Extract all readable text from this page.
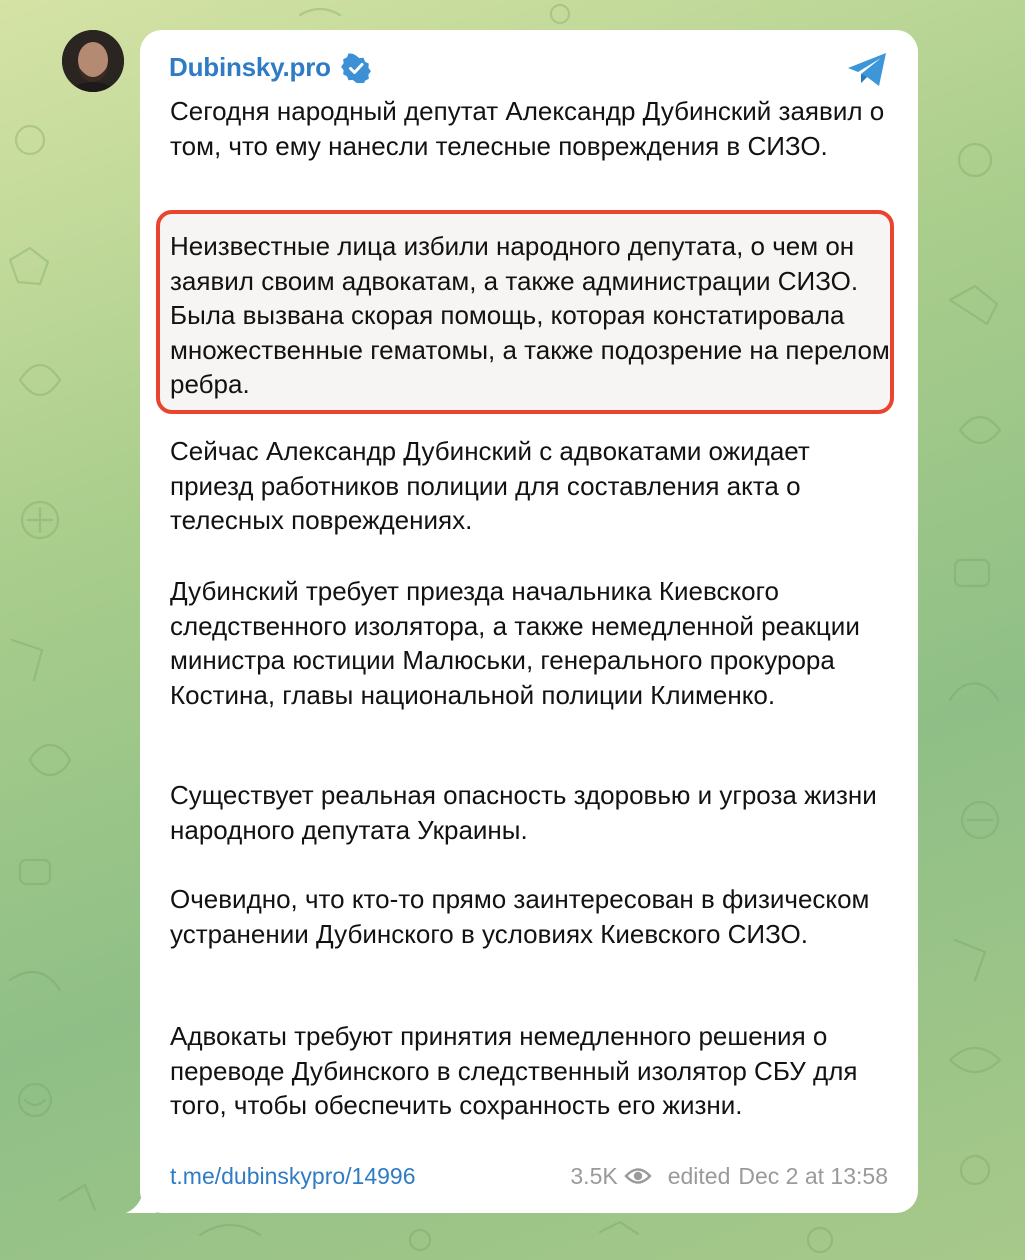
Dubinsky.pro
Сегодня народный депутат Александр Дубинский заявил о том, что ему нанесли телесные повреждения в СИЗО.
Неизвестные лица избили народного депутата, о чем он заявил своим адвокатам, а также администрации СИЗО. Была вызвана скорая помощь, которая констатировала множественные гематомы, а также подозрение на перелом ребра.
Сейчас Александр Дубинский с адвокатами ожидает приезд работников полиции для составления акта о телесных повреждениях.
Дубинский требует приезда начальника Киевского следственного изолятора, а также немедленной реакции министра юстиции Малюськи, генерального прокурора Костина, главы национальной полиции Клименко.
Существует реальная опасность здоровью и угроза жизни народного депутата Украины.
Очевидно, что кто-то прямо заинтересован в физическом устранении Дубинского в условиях Киевского СИЗО.
Адвокаты требуют принятия немедленного решения о переводе Дубинского в следственный изолятор СБУ для того, чтобы обеспечить сохранность его жизни.
t.me/dubinskypro/14996	3.5K edited Dec 2 at 13:58
